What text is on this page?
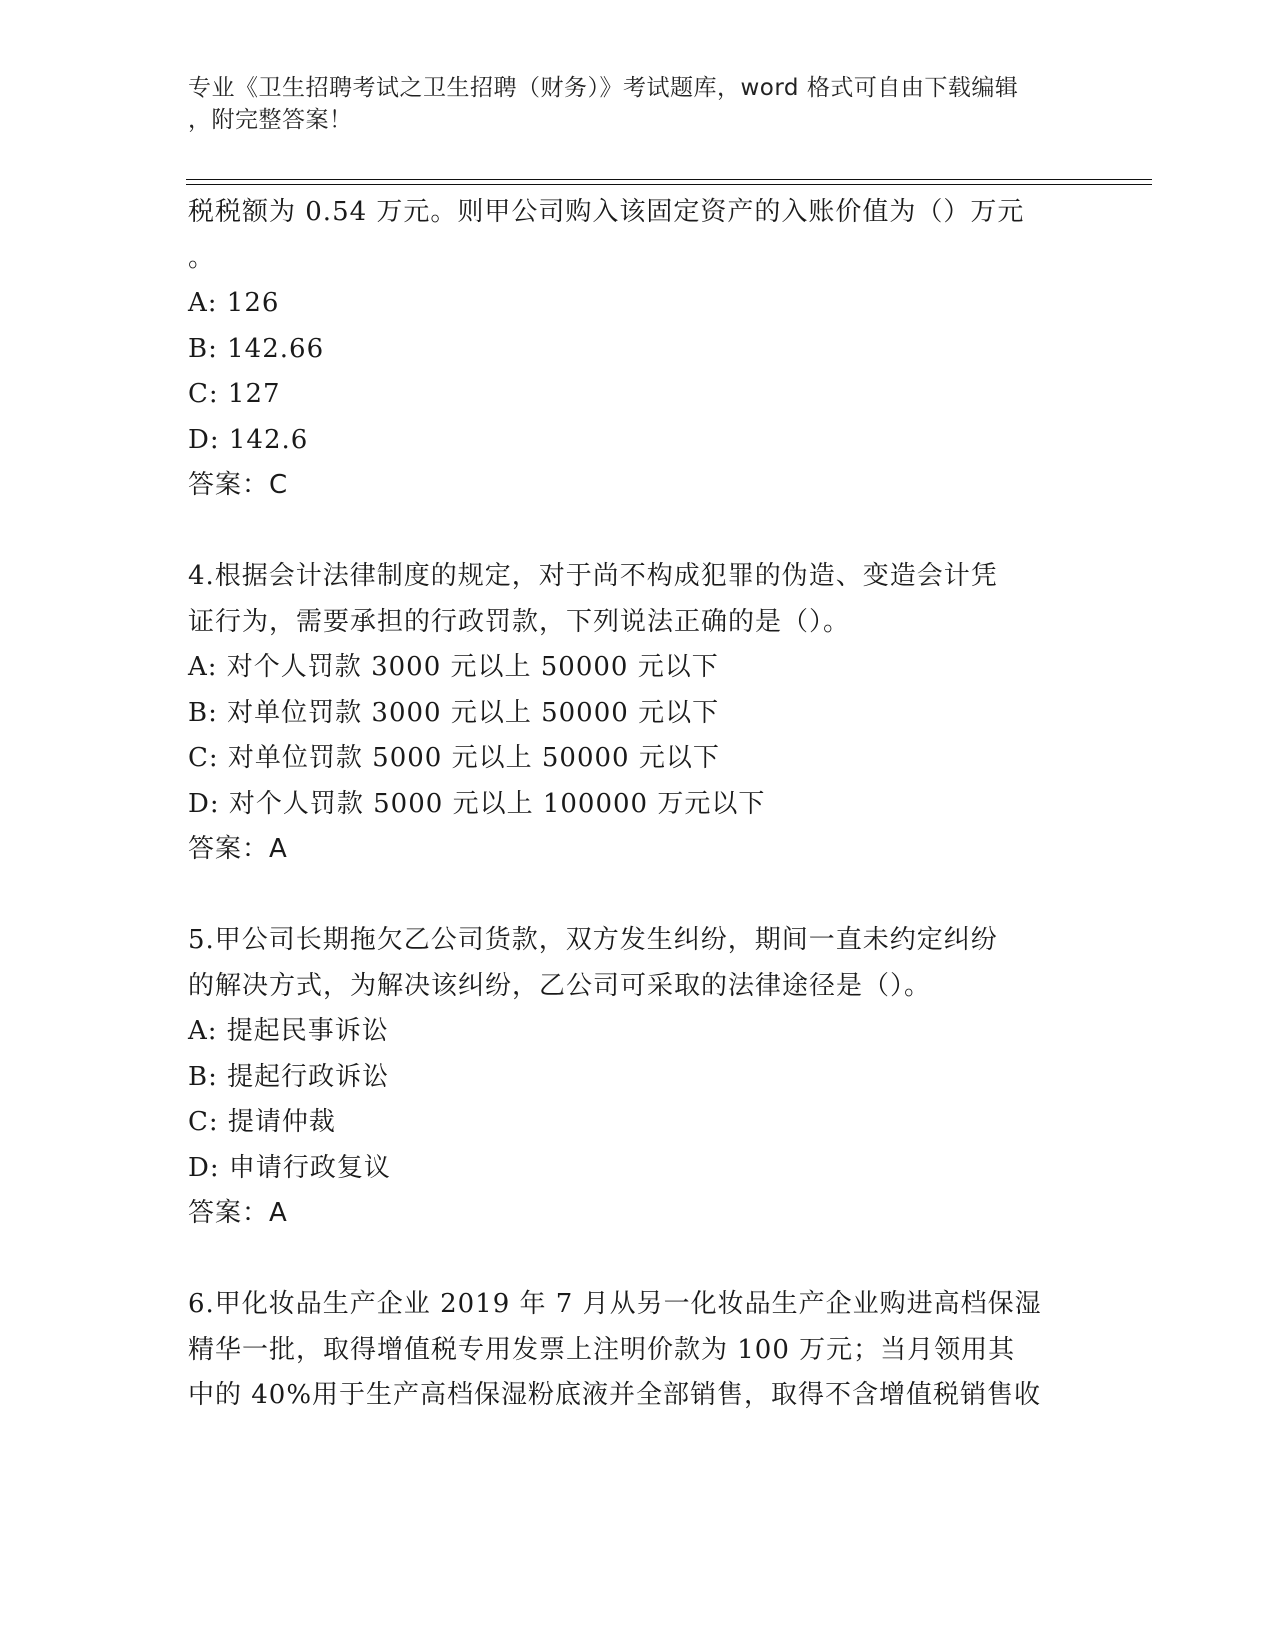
专业《卫生招聘考试之卫生招聘（财务）》考试题库，word 格式可自由下载编辑
，附完整答案！
税税额为 0.54 万元。则甲公司购入该固定资产的入账价值为（）万元
。
A: 126
B: 142.66
C: 127
D: 142.6
答案：C
4.根据会计法律制度的规定，对于尚不构成犯罪的伪造、变造会计凭
证行为，需要承担的行政罚款，下列说法正确的是（）。
A: 对个人罚款 3000 元以上 50000 元以下
B: 对单位罚款 3000 元以上 50000 元以下
C: 对单位罚款 5000 元以上 50000 元以下
D: 对个人罚款 5000 元以上 100000 万元以下
答案：A
5.甲公司长期拖欠乙公司货款，双方发生纠纷，期间一直未约定纠纷
的解决方式，为解决该纠纷，乙公司可采取的法律途径是（）。
A: 提起民事诉讼
B: 提起行政诉讼
C: 提请仲裁
D: 申请行政复议
答案：A
6.甲化妆品生产企业 2019 年 7 月从另一化妆品生产企业购进高档保湿
精华一批，取得增值税专用发票上注明价款为 100 万元；当月领用其
中的 40%用于生产高档保湿粉底液并全部销售，取得不含增值税销售收
